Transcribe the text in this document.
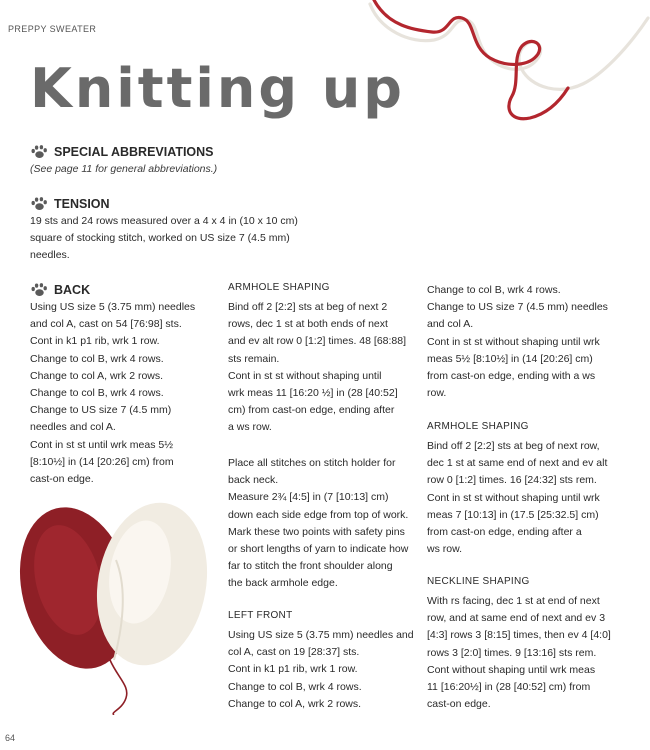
PREPPY SWEATER
Knitting up
SPECIAL ABBREVIATIONS
(See page 11 for general abbreviations.)
TENSION

19 sts and 24 rows measured over a 4 x 4 in (10 x 10 cm)

square of stocking stitch, worked on US size 7 (4.5 mm)

needles.

BACK

Using US size 5 (3.75 mm) needles

and col A, cast on 54 [76:98] sts.

Cont in k1 p1 rib, wrk 1 row.

Change to col B, wrk 4 rows.

Change to col A, wrk 2 rows.

Change to col B, wrk 4 rows.

Change to US size 7 (4.5 mm)

needles and col A.

Cont in st st until wrk meas 5½

[8:10½] in (14 [20:26] cm) from

cast-on edge.

ARMHOLE SHAPING

Bind off 2 [2:2] sts at beg of next 2

rows, dec 1 st at both ends of next

and ev alt row 0 [1:2] times. 48 [68:88]

sts remain.

Cont in st st without shaping until

wrk meas 11 [16:20 ½] in (28 [40:52]

cm) from cast-on edge, ending after

a ws row.

Place all stitches on stitch holder for

back neck.

Measure 2¾ [4:5] in (7 [10:13] cm)

down each side edge from top of work.

Mark these two points with safety pins

or short lengths of yarn to indicate how

far to stitch the front shoulder along

the back armhole edge.

LEFT FRONT

Using US size 5 (3.75 mm) needles and

col A, cast on 19 [28:37] sts.

Cont in k1 p1 rib, wrk 1 row.

Change to col B, wrk 4 rows.

Change to col A, wrk 2 rows.

Change to col B, wrk 4 rows.

Change to US size 7 (4.5 mm) needles

and col A.

Cont in st st without shaping until wrk

meas 5½ [8:10½] in (14 [20:26] cm)

from cast-on edge, ending with a ws

row.

ARMHOLE SHAPING

Bind off 2 [2:2] sts at beg of next row,

dec 1 st at same end of next and ev alt

row 0 [1:2] times. 16 [24:32] sts rem.

Cont in st st without shaping until wrk

meas 7 [10:13] in (17.5 [25:32.5] cm)

from cast-on edge, ending after a

ws row.

NECKLINE SHAPING

With rs facing, dec 1 st at end of next

row, and at same end of next and ev 3

[4:3] rows 3 [8:15] times, then ev 4 [4:0]

rows 3 [2:0] times. 9 [13:16] sts rem.

Cont without shaping until wrk meas

11 [16:20½] in (28 [40:52] cm) from

cast-on edge.

64
